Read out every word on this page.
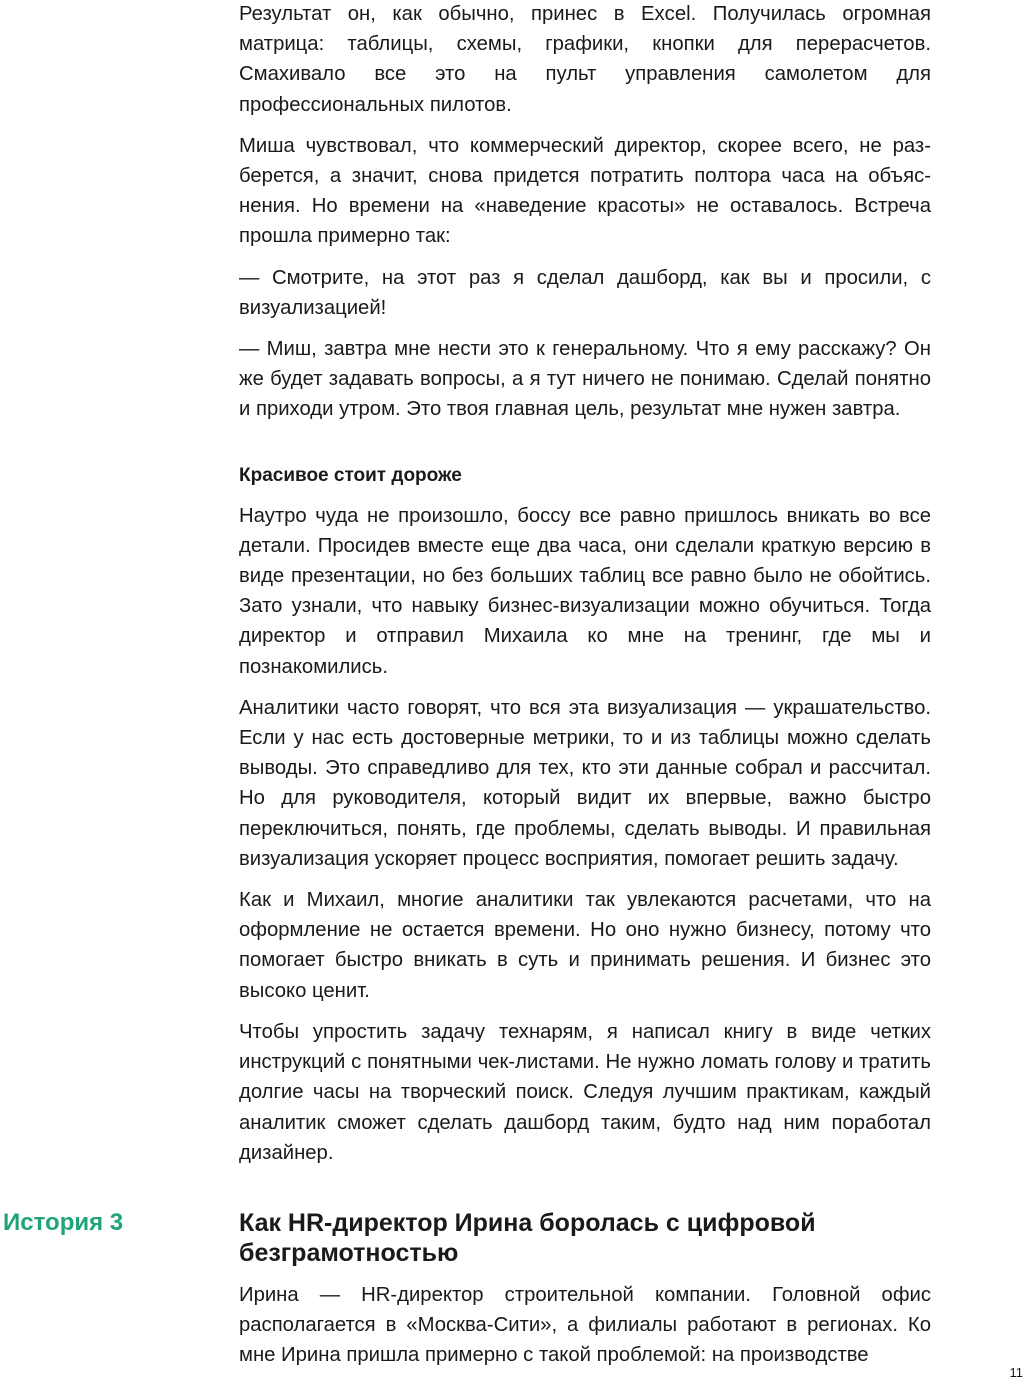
Результат он, как обычно, принес в Excel. Получилась огромная матрица: таблицы, схемы, графики, кнопки для перерасчетов. Смахивало все это на пульт управления самолетом для профессиональных пилотов.

Миша чувствовал, что коммерческий директор, скорее всего, не разберется, а значит, снова придется потратить полтора часа на объяснения. Но времени на «наведение красоты» не оставалось. Встреча прошла примерно так:

— Смотрите, на этот раз я сделал дашборд, как вы и просили, с визуализацией!

— Миш, завтра мне нести это к генеральному. Что я ему расскажу? Он же будет задавать вопросы, а я тут ничего не понимаю. Сделай понятно и приходи утром. Это твоя главная цель, результат мне нужен завтра.

Красивое стоит дороже

Наутро чуда не произошло, боссу все равно пришлось вникать во все детали. Просидев вместе еще два часа, они сделали краткую версию в виде презентации, но без больших таблиц все равно было не обойтись. Зато узнали, что навыку бизнес-визуализации можно обучиться. Тогда директор и отправил Михаила ко мне на тренинг, где мы и познакомились.

Аналитики часто говорят, что вся эта визуализация — украшательство. Если у нас есть достоверные метрики, то и из таблицы можно сделать выводы. Это справедливо для тех, кто эти данные собрал и рассчитал. Но для руководителя, который видит их впервые, важно быстро переключиться, понять, где проблемы, сделать выводы. И правильная визуализация ускоряет процесс восприятия, помогает решить задачу.

Как и Михаил, многие аналитики так увлекаются расчетами, что на оформление не остается времени. Но оно нужно бизнесу, потому что помогает быстро вникать в суть и принимать решения. И бизнес это высоко ценит.

Чтобы упростить задачу технарям, я написал книгу в виде четких инструкций с понятными чек-листами. Не нужно ломать голову и тратить долгие часы на творческий поиск. Следуя лучшим практикам, каждый аналитик сможет сделать дашборд таким, будто над ним поработал дизайнер.

История 3	Как HR-директор Ирина боролась с цифровой безграмотностью

Ирина — HR-директор строительной компании. Головной офис располагается в «Москва-Сити», а филиалы работают в регионах. Ко мне Ирина пришла примерно с такой проблемой: на производстве

11
